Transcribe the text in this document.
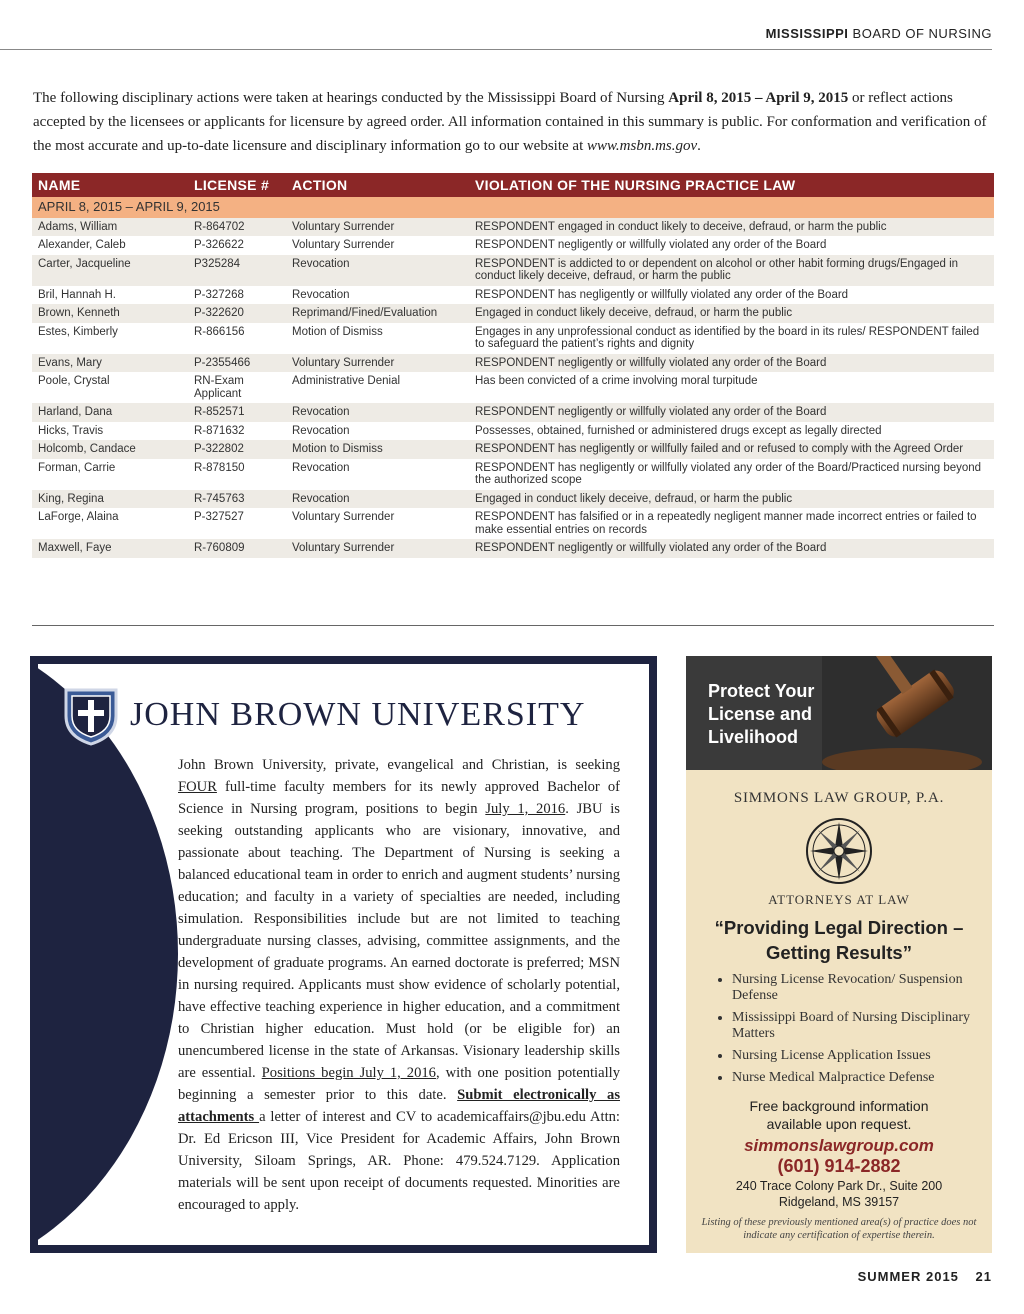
MISSISSIPPI BOARD OF NURSING

The following disciplinary actions were taken at hearings conducted by the Mississippi Board of Nursing April 8, 2015 – April 9, 2015 or reflect actions accepted by the licensees or applicants for licensure by agreed order. All information contained in this summary is public. For conformation and verification of the most accurate and up-to-date licensure and disciplinary information go to our website at www.msbn.ms.gov.

NAME	LICENSE #	ACTION	VIOLATION OF THE NURSING PRACTICE LAW
APRIL 8, 2015 – APRIL 9, 2015			
Adams, William	R-864702	Voluntary Surrender	RESPONDENT engaged in conduct likely to deceive, defraud, or harm the public
Alexander, Caleb	P-326622	Voluntary Surrender	RESPONDENT negligently or willfully violated any order of the Board
Carter, Jacqueline	P325284	Revocation	RESPONDENT is addicted to or dependent on alcohol or other habit forming drugs/Engaged in conduct likely deceive, defraud, or harm the public
Bril, Hannah H.	P-327268	Revocation	RESPONDENT has negligently or willfully violated any order of the Board
Brown, Kenneth	P-322620	Reprimand/Fined/Evaluation	Engaged in conduct likely deceive, defraud, or harm the public
Estes, Kimberly	R-866156	Motion of Dismiss	Engages in any unprofessional conduct as identified by the board in its rules/ RESPONDENT failed to safeguard the patient’s rights and dignity
Evans, Mary	P-2355466	Voluntary Surrender	RESPONDENT negligently or willfully violated any order of the Board
Poole, Crystal	RN-Exam Applicant	Administrative Denial	Has been convicted of a crime involving moral turpitude
Harland, Dana	R-852571	Revocation	RESPONDENT negligently or willfully violated any order of the Board
Hicks, Travis	R-871632	Revocation	Possesses, obtained, furnished or administered drugs except as legally directed
Holcomb, Candace	P-322802	Motion to Dismiss	RESPONDENT has negligently or willfully failed and or refused to comply with the Agreed Order
Forman, Carrie	R-878150	Revocation	RESPONDENT has negligently or willfully violated any order of the Board/Practiced nursing beyond the authorized scope
King, Regina	R-745763	Revocation	Engaged in conduct likely deceive, defraud, or harm the public
LaForge, Alaina	P-327527	Voluntary Surrender	RESPONDENT has falsified or in a repeatedly negligent manner made incorrect entries or failed to make essential entries on records
Maxwell, Faye	R-760809	Voluntary Surrender	RESPONDENT negligently or willfully violated any order of the Board
JOHN BROWN UNIVERSITY

John Brown University, private, evangelical and Christian, is seeking FOUR full-time faculty members for its newly approved Bachelor of Science in Nursing program, positions to begin July 1, 2016. JBU is seeking outstanding applicants who are visionary, innovative, and passionate about teaching. The Department of Nursing is seeking a balanced educational team in order to enrich and augment students’ nursing education; and faculty in a variety of specialties are needed, including simulation. Responsibilities include but are not limited to teaching undergraduate nursing classes, advising, committee assignments, and the development of graduate programs. An earned doctorate is preferred; MSN in nursing required. Applicants must show evidence of scholarly potential, have effective teaching experience in higher education, and a commitment to Christian higher education. Must hold (or be eligible for) an unencumbered license in the state of Arkansas. Visionary leadership skills are essential. Positions begin July 1, 2016, with one position potentially beginning a semester prior to this date. Submit electronically as attachments a letter of interest and CV to academicaffairs@jbu.edu Attn: Dr. Ed Ericson III, Vice President for Academic Affairs, John Brown University, Siloam Springs, AR. Phone: 479.524.7129. Application materials will be sent upon receipt of documents requested. Minorities are encouraged to apply.

Protect Your
License and
Livelihood
SIMMONS LAW GROUP, P.A.
ATTORNEYS AT LAW
“Providing Legal Direction –
Getting Results”
• Nursing License Revocation/ Suspension Defense
• Mississippi Board of Nursing Disciplinary Matters
• Nursing License Application Issues
• Nurse Medical Malpractice Defense
Free background information
available upon request.
simmonslawgroup.com
(601) 914-2882
240 Trace Colony Park Dr., Suite 200
Ridgeland, MS 39157
Listing of these previously mentioned area(s) of practice does not indicate any certification of expertise therein.
SUMMER 2015 21
